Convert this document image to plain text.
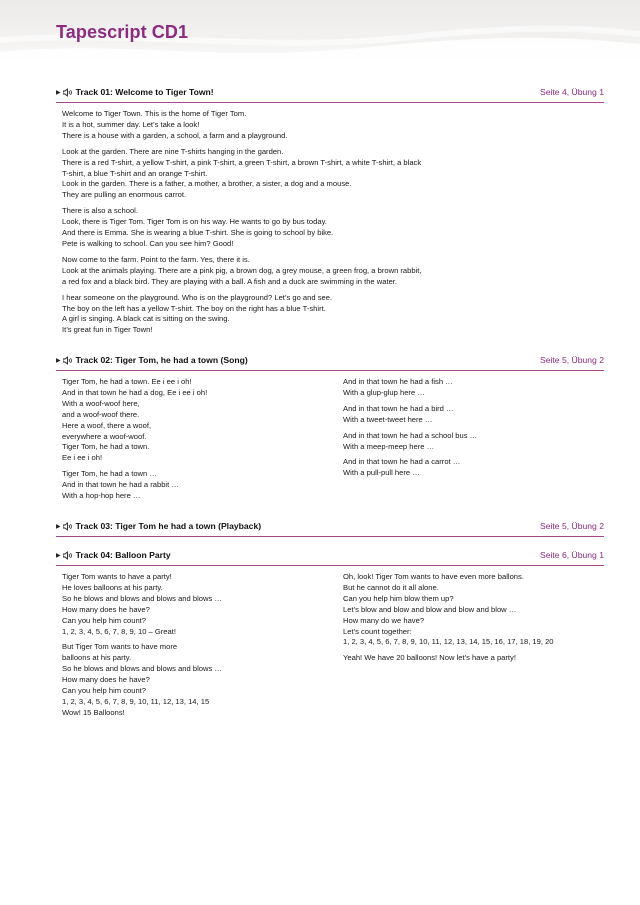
Tapescript CD1
▶ Track 01: Welcome to Tiger Town!	Seite 4, Übung 1
Welcome to Tiger Town. This is the home of Tiger Tom.
It is a hot, summer day. Let’s take a look!
There is a house with a garden, a school, a farm and a playground.
Look at the garden. There are nine T-shirts hanging in the garden.
There is a red T-shirt, a yellow T-shirt, a pink T-shirt, a green T-shirt, a brown T-shirt, a white T-shirt, a black
T-shirt, a blue T-shirt and an orange T-shirt.
Look in the garden. There is a father, a mother, a brother, a sister, a dog and a mouse.
They are pulling an enormous carrot.
There is also a school.
Look, there is Tiger Tom. Tiger Tom is on his way. He wants to go by bus today.
And there is Emma. She is wearing a blue T-shirt. She is going to school by bike.
Pete is walking to school. Can you see him? Good!
Now come to the farm. Point to the farm. Yes, there it is.
Look at the animals playing. There are a pink pig, a brown dog, a grey mouse, a green frog, a brown rabbit,
a red fox and a black bird. They are playing with a ball. A fish and a duck are swimming in the water.
I hear someone on the playground. Who is on the playground? Let’s go and see.
The boy on the left has a yellow T-shirt. The boy on the right has a blue T-shirt.
A girl is singing. A black cat is sitting on the swing.
It’s great fun in Tiger Town!
▶ Track 02: Tiger Tom, he had a town (Song)	Seite 5, Übung 2
Tiger Tom, he had a town. Ee i ee i oh!
And in that town he had a dog, Ee i ee i oh!
With a woof-woof here,
and a woof-woof there.
Here a woof, there a woof,
everywhere a woof-woof.
Tiger Tom, he had a town.
Ee i ee i oh!
Tiger Tom, he had a town …
And in that town he had a rabbit …
With a hop-hop here …
And in that town he had a fish …
With a glup-glup here …
And in that town he had a bird …
With a tweet-tweet here …
And in that town he had a school bus …
With a meep-meep here …
And in that town he had a carrot …
With a pull-pull here …
▶ Track 03: Tiger Tom he had a town (Playback)	Seite 5, Übung 2
▶ Track 04: Balloon Party	Seite 6, Übung 1
Tiger Tom wants to have a party!
He loves balloons at his party.
So he blows and blows and blows and blows …
How many does he have?
Can you help him count?
1, 2, 3, 4, 5, 6, 7, 8, 9, 10 – Great!
But Tiger Tom wants to have more
balloons at his party.
So he blows and blows and blows and blows …
How many does he have?
Can you help him count?
1, 2, 3, 4, 5, 6, 7, 8, 9, 10, 11, 12, 13, 14, 15
Wow! 15 Balloons!
Oh, look! Tiger Tom wants to have even more ballons.
But he cannot do it all alone.
Can you help him blow them up?
Let’s blow and blow and blow and blow and blow …
How many do we have?
Let’s count together:
1, 2, 3, 4, 5, 6, 7, 8, 9, 10, 11, 12, 13, 14, 15, 16, 17, 18, 19, 20
Yeah! We have 20 balloons! Now let’s have a party!
